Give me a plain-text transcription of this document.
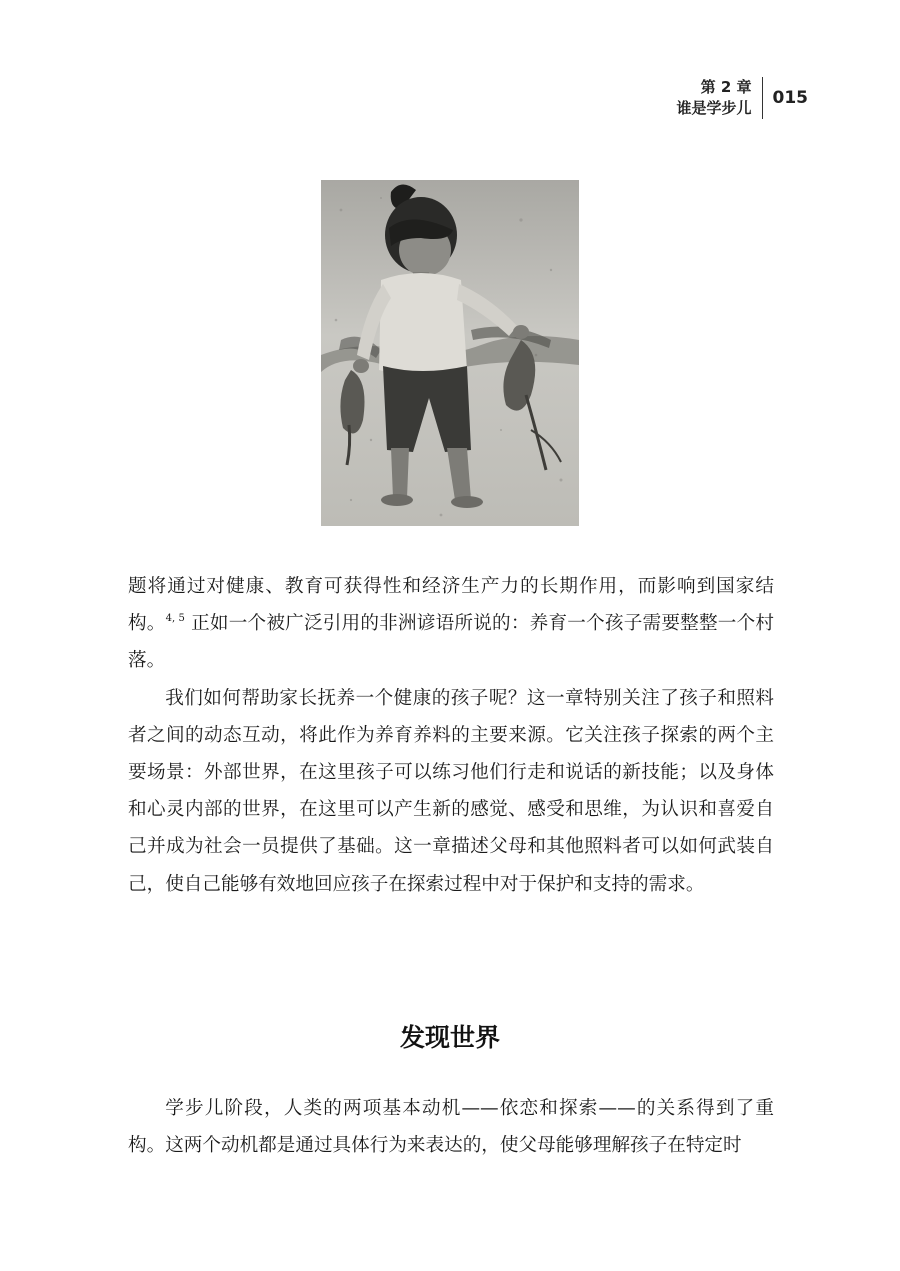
第 2 章
谁是学步儿	015

题将通过对健康、教育可获得性和经济生产力的长期作用，而影响到国家结构。$^{4, 5}$ 正如一个被广泛引用的非洲谚语所说的：养育一个孩子需要整整一个村落。

我们如何帮助家长抚养一个健康的孩子呢？这一章特别关注了孩子和照料者之间的动态互动，将此作为养育养料的主要来源。它关注孩子探索的两个主要场景：外部世界，在这里孩子可以练习他们行走和说话的新技能；以及身体和心灵内部的世界，在这里可以产生新的感觉、感受和思维，为认识和喜爱自己并成为社会一员提供了基础。这一章描述父母和其他照料者可以如何武装自己，使自己能够有效地回应孩子在探索过程中对于保护和支持的需求。

发现世界

学步儿阶段，人类的两项基本动机——依恋和探索——的关系得到了重构。这两个动机都是通过具体行为来表达的，使父母能够理解孩子在特定时
